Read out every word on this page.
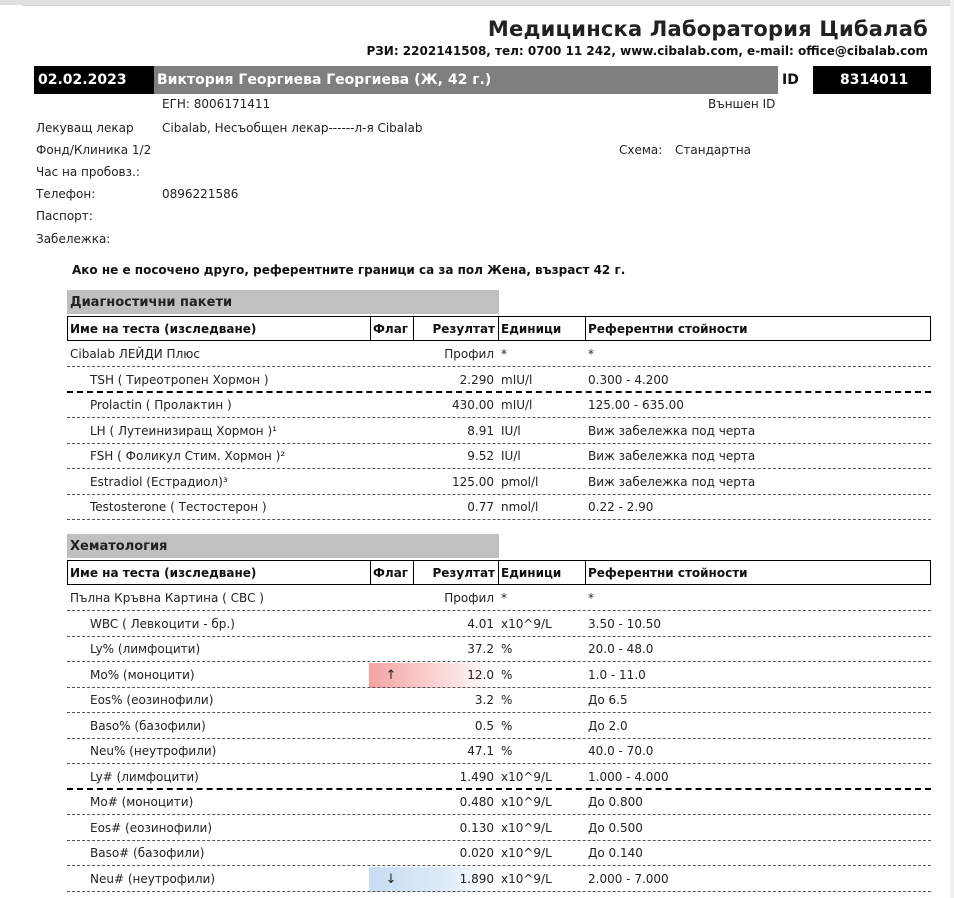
Медицинска Лаборатория Цибалаб
РЗИ: 2202141508, тел: 0700 11 242, www.cibalab.com, e-mail: office@cibalab.com
02.02.2023	Виктория Георгиева Георгиева (Ж, 42 г.)	ID	8314011
ЕГН: 8006171411	Външен ID
Лекуващ лекар Cibalab, Несъобщен лекар------л-я Cibalab
Фонд/Клиника 1/2	Схема: Стандартна
Час на пробовз.:
Телефон:	0896221586
Паспорт:
Забележка:
Ако не е посочено друго, референтните граници са за пол Жена, възраст 42 г.
Диагностични пакети
Име на теста (изследване)	Флаг	Резултат Единици Референтни стойности
Cibalab ЛЕЙДИ Плюс	Профил *	*
TSH ( Тиреотропен Хормон )	2.290 mIU/l	0.300 - 4.200
Prolactin ( Пролактин )	430.00 mIU/l	125.00 - 635.00
LH ( Лутеинизиращ Хормон )¹	8.91 IU/l	Виж забележка под черта
FSH ( Фоликул Стим. Хормон )²	9.52 IU/l	Виж забележка под черта
Estradiol (Естрадиол)³	125.00 pmol/l	Виж забележка под черта
Testosterone ( Тестостерон )	0.77 nmol/l	0.22 - 2.90
Хематология
Име на теста (изследване)	Флаг	Резултат Единици Референтни стойности
Пълна Кръвна Картина ( CBC )	Профил *	*
WBC ( Левкоцити - бр.)	4.01 x10^9/L	3.50 - 10.50
Ly% (лимфоцити)	37.2 %	20.0 - 48.0
Mo% (моноцити)	↑	12.0 %	1.0 - 11.0
Eos% (еозинофили)	3.2 %	До 6.5
Baso% (базофили)	0.5 %	До 2.0
Neu% (неутрофили)	47.1 %	40.0 - 70.0
Ly# (лимфоцити)	1.490 x10^9/L	1.000 - 4.000
Mo# (моноцити)	0.480 x10^9/L	До 0.800
Eos# (еозинофили)	0.130 x10^9/L	До 0.500
Baso# (базофили)	0.020 x10^9/L	До 0.140
Neu# (неутрофили)	↓	1.890 x10^9/L	2.000 - 7.000
